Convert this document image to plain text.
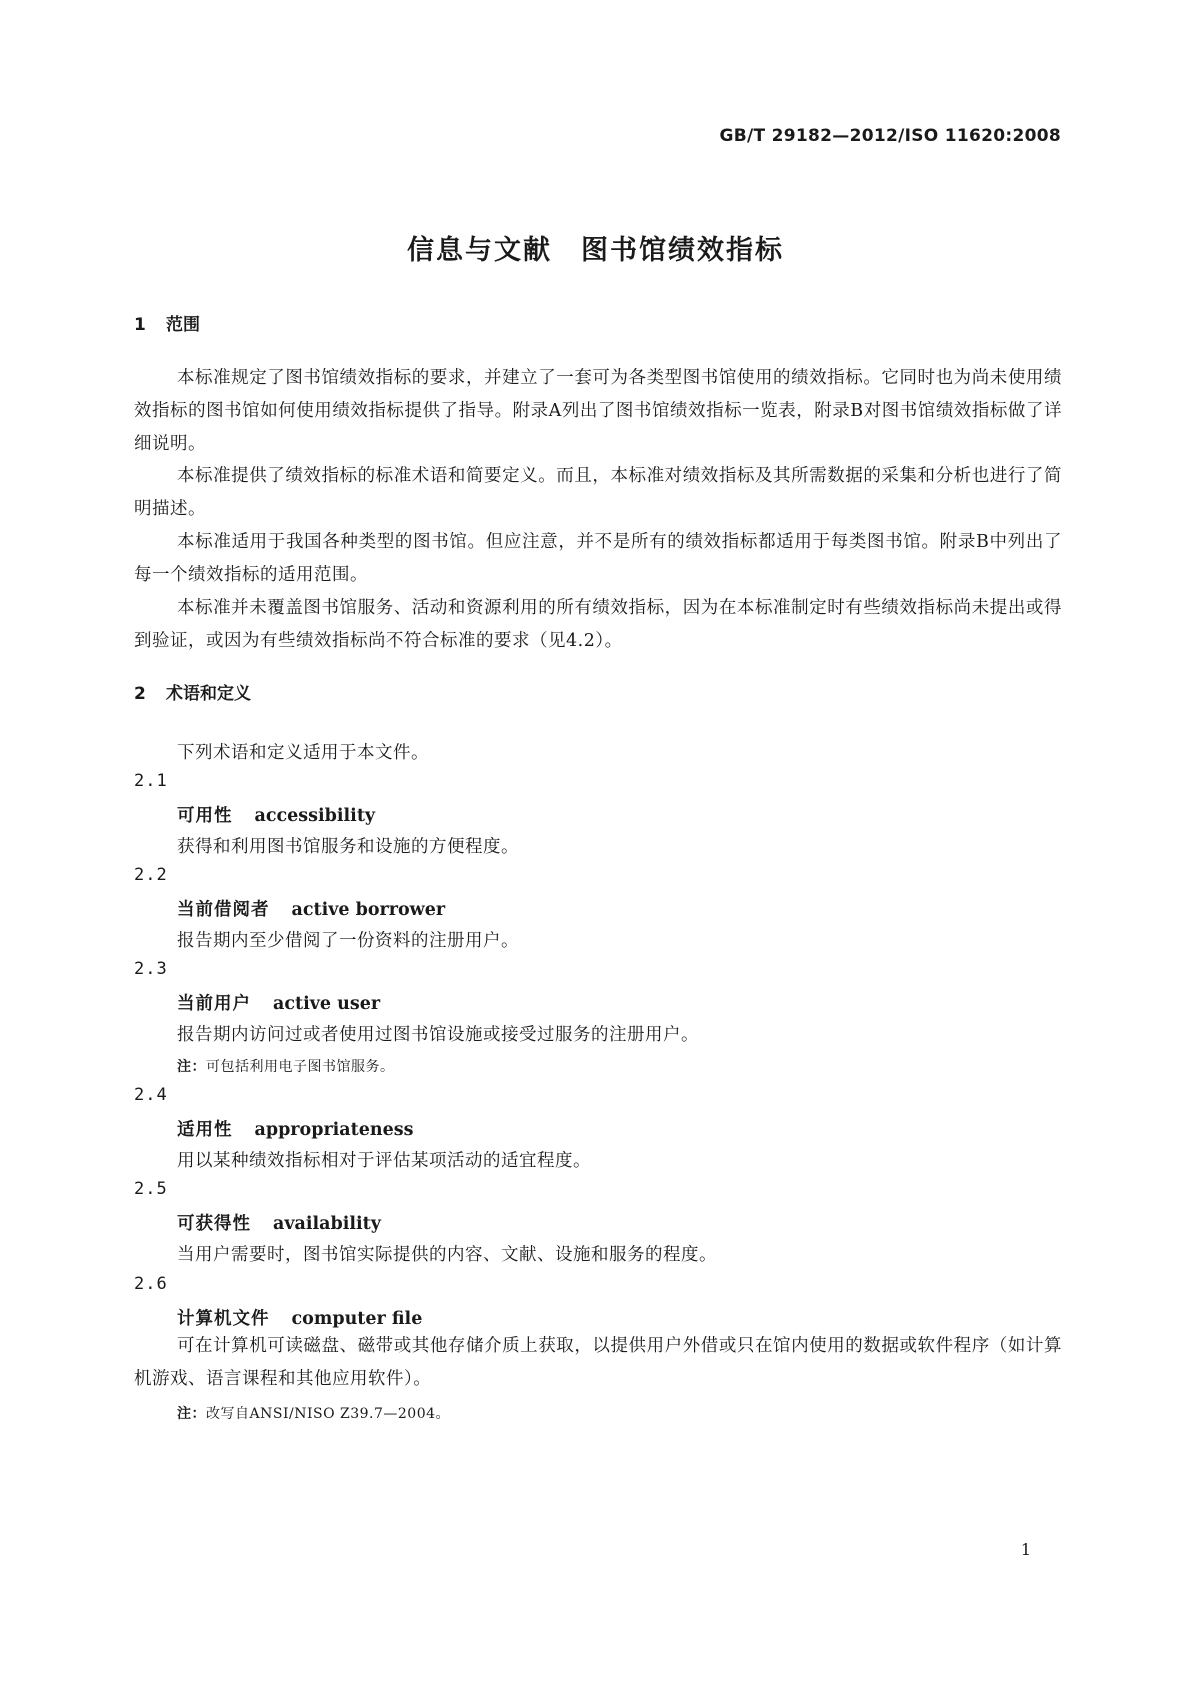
GB/T 29182—2012/ISO 11620:2008
信息与文献　图书馆绩效指标
1 范围

本标准规定了图书馆绩效指标的要求，并建立了一套可为各类型图书馆使用的绩效指标。它同时也为尚未使用绩效指标的图书馆如何使用绩效指标提供了指导。附录A列出了图书馆绩效指标一览表，附录B对图书馆绩效指标做了详细说明。

本标准提供了绩效指标的标准术语和简要定义。而且，本标准对绩效指标及其所需数据的采集和分析也进行了简明描述。

本标准适用于我国各种类型的图书馆。但应注意，并不是所有的绩效指标都适用于每类图书馆。附录B中列出了每一个绩效指标的适用范围。

本标准并未覆盖图书馆服务、活动和资源利用的所有绩效指标，因为在本标准制定时有些绩效指标尚未提出或得到验证，或因为有些绩效指标尚不符合标准的要求（见4.2）。

2 术语和定义
下列术语和定义适用于本文件。
2.1
可用性 accessibility
获得和利用图书馆服务和设施的方便程度。
2.2
当前借阅者 active borrower
报告期内至少借阅了一份资料的注册用户。
2.3
当前用户 active user
报告期内访问过或者使用过图书馆设施或接受过服务的注册用户。
注：可包括利用电子图书馆服务。
2.4
适用性 appropriateness
用以某种绩效指标相对于评估某项活动的适宜程度。
2.5
可获得性 availability
当用户需要时，图书馆实际提供的内容、文献、设施和服务的程度。
2.6
计算机文件 computer file

可在计算机可读磁盘、磁带或其他存储介质上获取，以提供用户外借或只在馆内使用的数据或软件程序（如计算机游戏、语言课程和其他应用软件）。

注：改写自ANSI/NISO Z39.7—2004。
1
